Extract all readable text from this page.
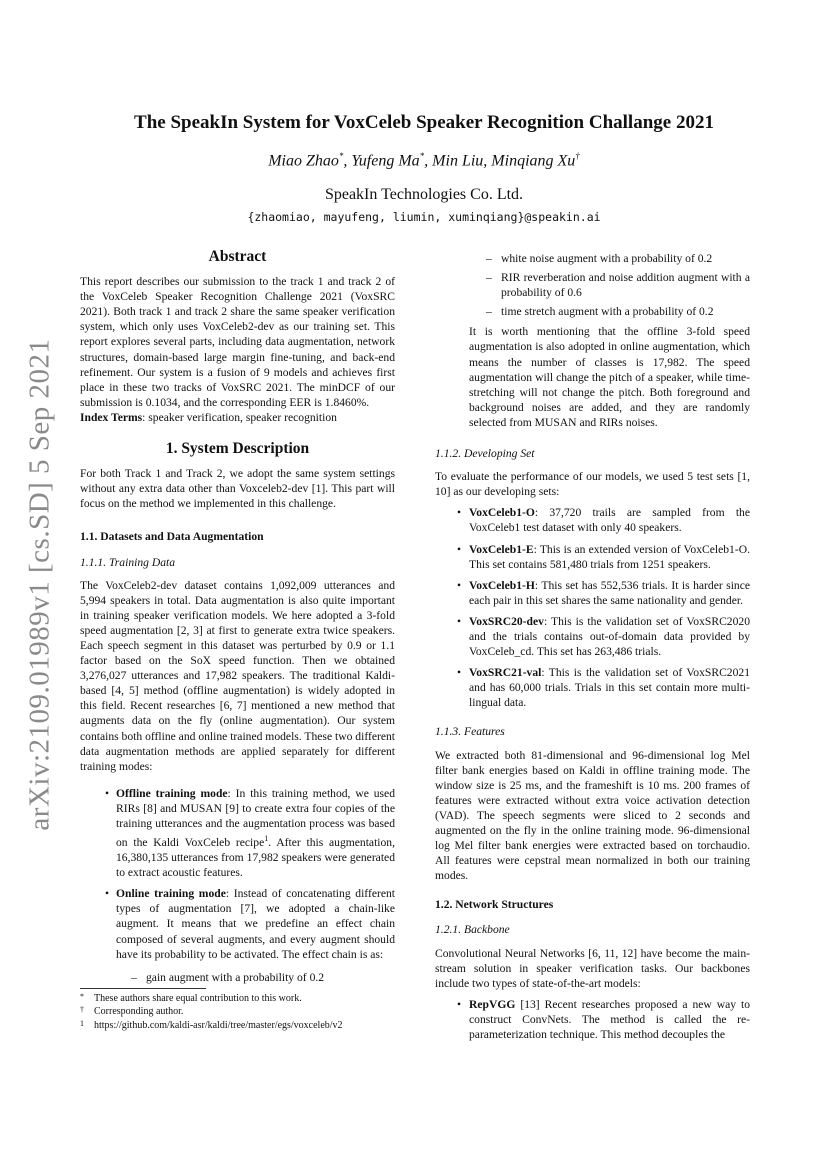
arXiv:2109.01989v1 [cs.SD] 5 Sep 2021
The SpeakIn System for VoxCeleb Speaker Recognition Challange 2021
Miao Zhao*, Yufeng Ma*, Min Liu, Minqiang Xu†
SpeakIn Technologies Co. Ltd.
{zhaomiao, mayufeng, liumin, xuminqiang}@speakin.ai
Abstract

This report describes our submission to the track 1 and track 2 of the VoxCeleb Speaker Recognition Challenge 2021 (VoxSRC 2021). Both track 1 and track 2 share the same speaker verification system, which only uses VoxCeleb2-dev as our training set. This report explores several parts, including data augmentation, network structures, domain-based large margin fine-tuning, and back-end refinement. Our system is a fusion of 9 models and achieves first place in these two tracks of VoxSRC 2021. The minDCF of our submission is 0.1034, and the corresponding EER is 1.8460%.

Index Terms: speaker verification, speaker recognition

1. System Description

For both Track 1 and Track 2, we adopt the same system settings without any extra data other than Voxceleb2-dev [1]. This part will focus on the method we implemented in this challenge.

1.1. Datasets and Data Augmentation
1.1.1. Training Data

The VoxCeleb2-dev dataset contains 1,092,009 utterances and 5,994 speakers in total. Data augmentation is also quite important in training speaker verification models. We here adopted a 3-fold speed augmentation [2, 3] at first to generate extra twice speakers. Each speech segment in this dataset was perturbed by 0.9 or 1.1 factor based on the SoX speed function. Then we obtained 3,276,027 utterances and 17,982 speakers. The traditional Kaldi-based [4, 5] method (offline augmentation) is widely adopted in this field. Recent researches [6, 7] mentioned a new method that augments data on the fly (online augmentation). Our system contains both offline and online trained models. These two different data augmentation methods are applied separately for different training modes:

• Offline training mode: In this training method, we used RIRs [8] and MUSAN [9] to create extra four copies of the training utterances and the augmentation process was based on the Kaldi VoxCeleb recipe$^1$. After this augmentation, 16,380,135 utterances from 17,982 speakers were generated to extract acoustic features.
• Online training mode: Instead of concatenating different types of augmentation [7], we adopted a chain-like augment. It means that we predefine an effect chain composed of several augments, and every augment should have its probability to be activated. The effect chain is as:
– gain augment with a probability of 0.2
– white noise augment with a probability of 0.2
– RIR reverberation and noise addition augment with a probability of 0.6
– time stretch augment with a probability of 0.2

It is worth mentioning that the offline 3-fold speed augmentation is also adopted in online augmentation, which means the number of classes is 17,982. The speed augmentation will change the pitch of a speaker, while time-stretching will not change the pitch. Both foreground and background noises are added, and they are randomly selected from MUSAN and RIRs noises.

1.1.2. Developing Set

To evaluate the performance of our models, we used 5 test sets [1, 10] as our developing sets:

• VoxCeleb1-O: 37,720 trails are sampled from the VoxCeleb1 test dataset with only 40 speakers.
• VoxCeleb1-E: This is an extended version of VoxCeleb1-O. This set contains 581,480 trials from 1251 speakers.
• VoxCeleb1-H: This set has 552,536 trials. It is harder since each pair in this set shares the same nationality and gender.
• VoxSRC20-dev: This is the validation set of VoxSRC2020 and the trials contains out-of-domain data provided by VoxCeleb_cd. This set has 263,486 trials.
• VoxSRC21-val: This is the validation set of VoxSRC2021 and has 60,000 trials. Trials in this set contain more multi-lingual data.
1.1.3. Features

We extracted both 81-dimensional and 96-dimensional log Mel filter bank energies based on Kaldi in offline training mode. The window size is 25 ms, and the frameshift is 10 ms. 200 frames of features were extracted without extra voice activation detection (VAD). The speech segments were sliced to 2 seconds and augmented on the fly in the online training mode. 96-dimensional log Mel filter bank energies were extracted based on torchaudio. All features were cepstral mean normalized in both our training modes.

1.2. Network Structures
1.2.1. Backbone

Convolutional Neural Networks [6, 11, 12] have become the main-stream solution in speaker verification tasks. Our backbones include two types of state-of-the-art models:

• RepVGG [13] Recent researches proposed a new way to construct ConvNets. The method is called the re-parameterization technique. This method decouples the
* These authors share equal contribution to this work.
† Corresponding author.
1 https://github.com/kaldi-asr/kaldi/tree/master/egs/voxceleb/v2
